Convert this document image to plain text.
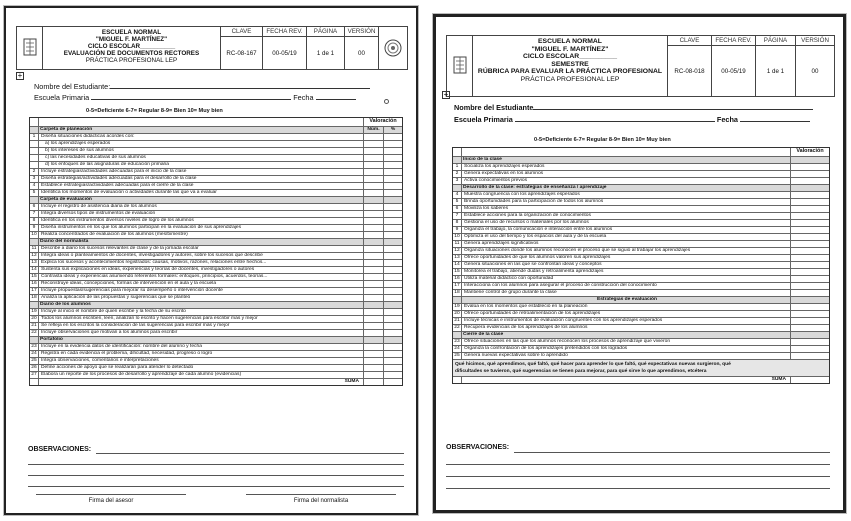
ESCUELA NORMAL
"MIGUEL F. MARTÍNEZ"
CICLO ESCOLAR__________
EVALUACIÓN DE DOCUMENTOS RECTORES
PRÁCTICA PROFESIONAL LEP
CLAVE
RC-08-167
FECHA REV.
00-05/19
PÁGINA
1 de 1
VERSIÓN
00
+
Nombre del Estudiante:
Escuela Primaria	Fecha
0-5=Deficiente 6-7= Regular 8-9= Bien 10= Muy bien
Valoración
Carpeta de planeación	Núm.	%
1	Diseña situaciones didácticas acordes con:
a) los aprendizajes esperados
b) los intereses de sus alumnos
c) las necesidades educativas de sus alumnos
d) los enfoques de las asignaturas de educación primaria
2	Incluye estrategias/actividades adecuadas para el inicio de la clase
3	Diseña estrategias/actividades adecuadas para el desarrollo de la clase
4	Establece estrategias/actividades adecuadas para el cierre de la clase
5	Identifica los momentos de evaluación o actividades durante las que va a evaluar
Carpeta de evaluación
6	Incluye el registro de asistencia diaria de los alumnos
7	Integra diversos tipos de instrumentos de evaluación
8	Identifica en los instrumentos diversos niveles de logro de los alumnos
9	Diseña instrumentos en los que los alumnos participan en la evaluación de sus aprendizajes
10 Realiza concentrados de evaluación de los alumnos (mes/bimestre)
Diario del normalista
11 Describe a diario los sucesos relevantes de clase y de la jornada escolar
12 Integra ideas o planteamientos de docentes, investigadores y autores, sobre los sucesos que describe
13 Explica los sucesos y acontecimientos registrados: causas, motivos, razones, relaciones entre hechos...
14 Sustenta sus explicaciones en ideas, experiencias y teorías de docentes, investigadores o autores
15 Contrasta ideas y experiencias asumiendo referentes formales: enfoques, principios, acuerdos, teorías...
16 Reconstruye ideas, concepciones, formas de intervención en el aula y la escuela
17 Incluye propuestas/sugerencias para mejorar su desempeño o intervención docente
18 Analiza la aplicación de las propuestas y sugerencias que se planteó
Diario de los alumnos
19 Incluye al inicio el nombre de quien escribe y la fecha de su escrito
20 Todos los alumnos escriben, leen, analizan lo escrito y hacen sugerencias para escribir más y mejor
21 Se refleja en los escritos la consideración de las sugerencias para escribir más y mejor
22 Incluye observaciones que motivan a los alumnos para escribir
Portafolio
23 Incluye en la evidencia datos de identificación: nombre del alumno y fecha
24 Registra en cada evidencia el problema, dificultad, necesidad, progreso o logro
25 Integra observaciones, comentarios e interpretaciones
26 Define acciones de apoyo que se realizarán para atender lo detectado
27 Elabora un reporte de los procesos de desarrollo y aprendizaje de cada alumno (evidencias)
SUMA
OBSERVACIONES:
Firma del asesor	Firma del normalista
ESCUELA NORMAL
"MIGUEL F. MARTÍNEZ"
CICLO ESCOLAR__________
SEMESTRE
RÚBRICA PARA EVALUAR LA PRÁCTICA PROFESIONAL
PRÁCTICA PROFESIONAL LEP
CLAVE
RC-08-018
FECHA REV.
00-05/19
PÁGINA
1 de 1
VERSIÓN
00
+
Nombre del Estudiante
Escuela Primaria	Fecha
0-5=Deficiente 6-7= Regular 8-9= Bien 10= Muy bien
Valoración
Inicio de la clase
1	Socializa los aprendizajes esperados
2	Genera expectativas en los alumnos
3	Activa conocimientos previos
Desarrollo de la clase: estrategias de enseñanza / aprendizaje
4	Muestra congruencia con los aprendizajes esperados
5	Brinda oportunidades para la participación de todos los alumnos
6	Moviliza los saberes
7	Establece acciones para la organización de conocimientos
8	Gestiona el uso de recursos o materiales por los alumnos
9	Organiza el trabajo, la comunicación e interacción entre los alumnos
10 Optimiza el uso del tiempo y los espacios del aula y de la escuela
11 Genera aprendizajes significativos
12 Organiza situaciones donde los alumnos reconocen el proceso que se siguió al trabajar los aprendizajes
13 Ofrece oportunidades de que los alumnos valoren sus aprendizajes
14 Genera situaciones en las que se confrontan ideas y conceptos
15 Monitorea el trabajo, atiende dudas y retroalimenta aprendizajes
16 Utiliza material didáctico con oportunidad
17 Interacciona con los alumnos para asegurar el proceso de construcción del conocimiento
18 Mantiene control de grupo durante la clase
Estrategias de evaluación
19 Evalúa en los momentos que estableció en la planeación
20 Ofrece oportunidades de retroalimentación de los aprendizajes
21 Incluye técnicas e instrumentos de evaluación congruentes con los aprendizajes esperados
22 Recupera evidencias de los aprendizajes de los alumnos
Cierre de la clase
23 Ofrece situaciones en las que los alumnos reconocen los procesos de aprendizaje que vivieron
24 Organiza la confrontación de los aprendizajes pretendidos con los logrados
25 Genera nuevas expectativas sobre lo aprendido
Qué hicimos, qué aprendimos, qué faltó, qué hacer para aprender lo que faltó, qué expectativas nuevas surgieron, qué
dificultades se tuvieron, qué sugerencias se tienen para mejorar, para qué sirve lo que aprendimos, etcétera
SUMA
OBSERVACIONES:
